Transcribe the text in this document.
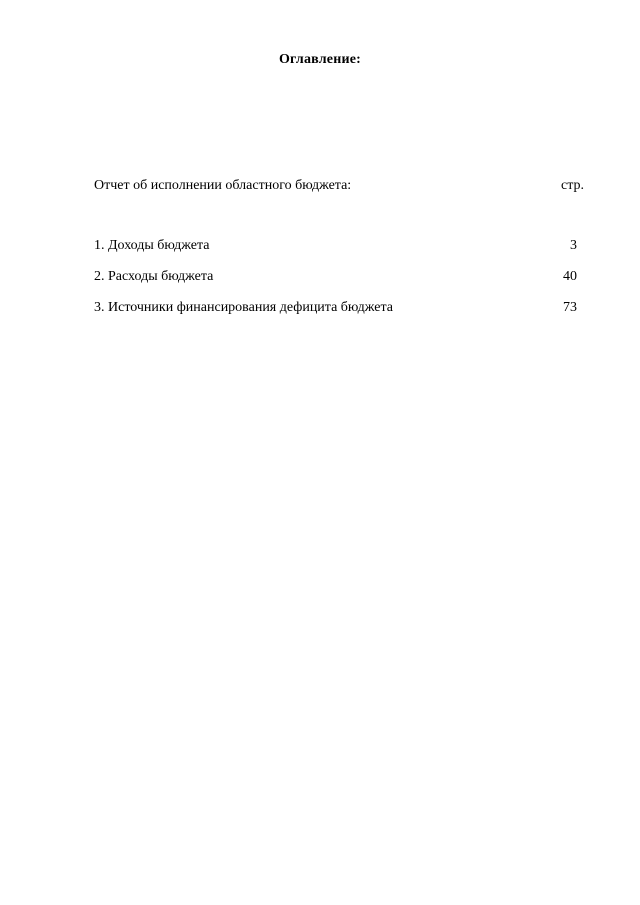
Оглавление:
Отчет об исполнении областного бюджета:	стр.
1. Доходы бюджета	3
2. Расходы бюджета	40
3. Источники финансирования дефицита бюджета	73
